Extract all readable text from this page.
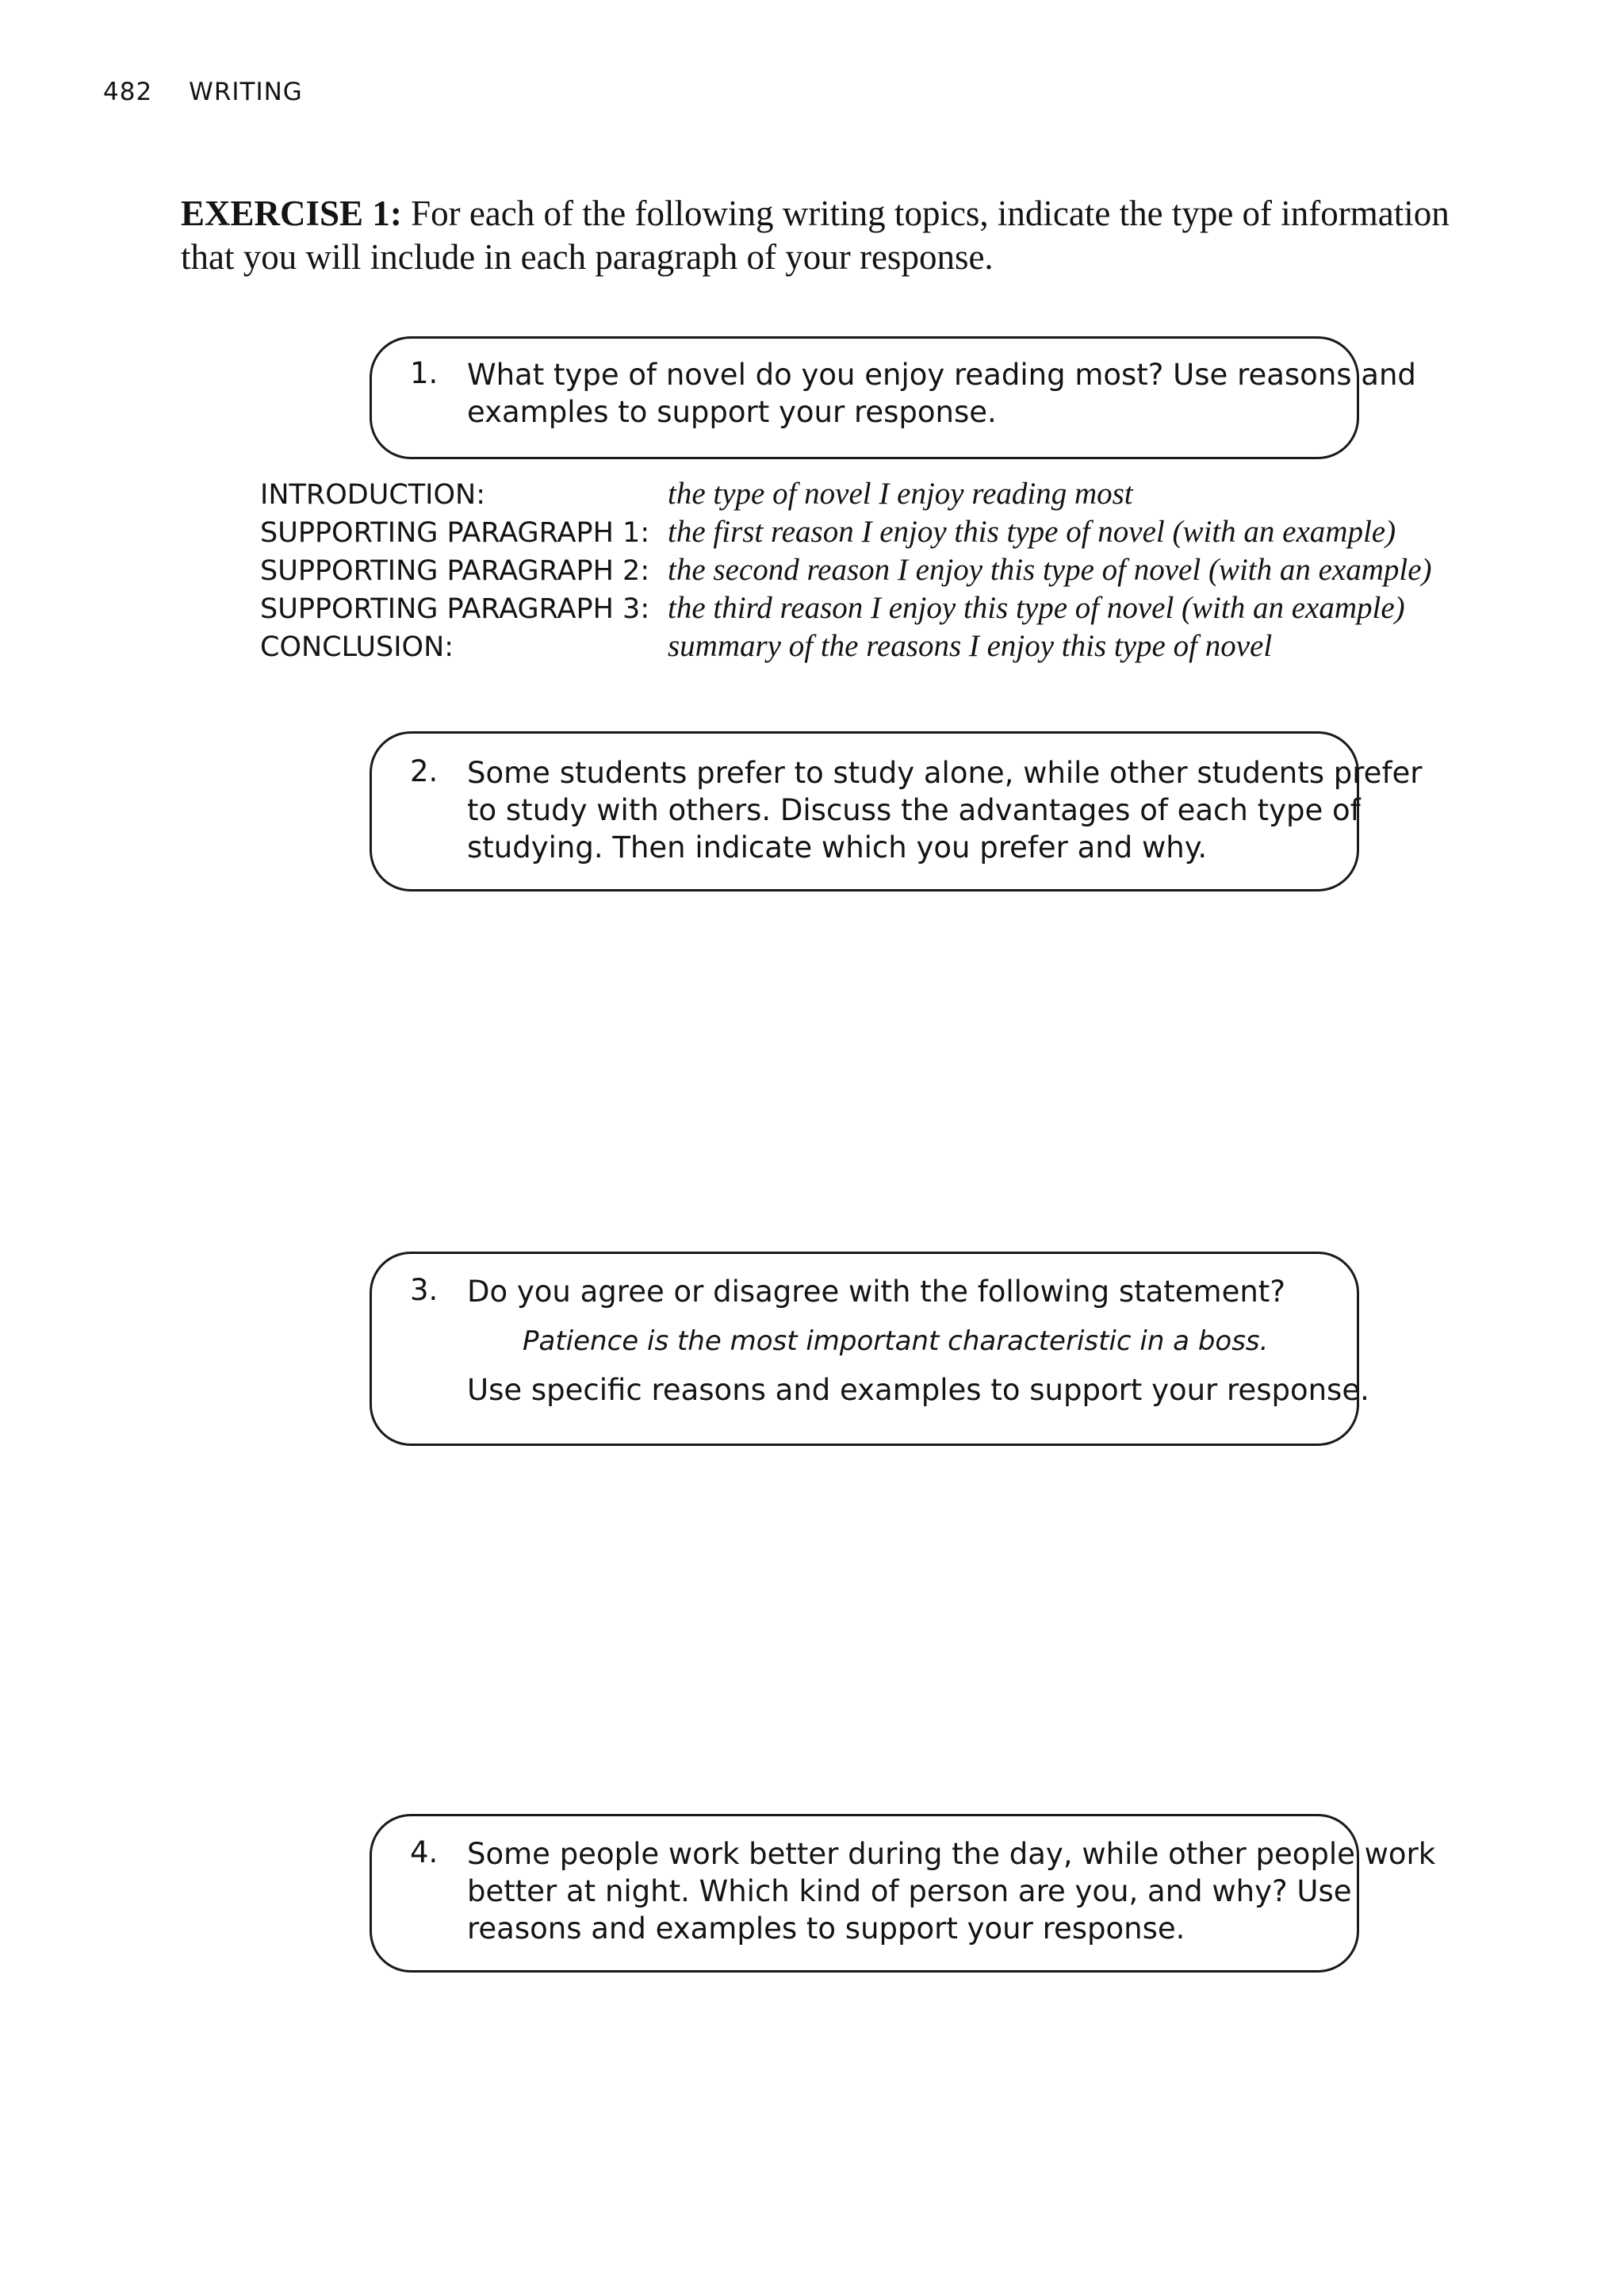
482 WRITING
EXERCISE 1: For each of the following writing topics, indicate the type of information
that you will include in each paragraph of your response.
1. What type of novel do you enjoy reading most? Use reasons and
examples to support your response.
INTRODUCTION:	the type of novel I enjoy reading most
SUPPORTING PARAGRAPH 1: the first reason I enjoy this type of novel (with an example)
SUPPORTING PARAGRAPH 2: the second reason I enjoy this type of novel (with an example)
SUPPORTING PARAGRAPH 3: the third reason I enjoy this type of novel (with an example)
CONCLUSION:	summary of the reasons I enjoy this type of novel
2. Some students prefer to study alone, while other students prefer
to study with others. Discuss the advantages of each type of
studying. Then indicate which you prefer and why.
3. Do you agree or disagree with the following statement?
Patience is the most important characteristic in a boss.
Use specific reasons and examples to support your response.
4. Some people work better during the day, while other people work
better at night. Which kind of person are you, and why? Use
reasons and examples to support your response.
